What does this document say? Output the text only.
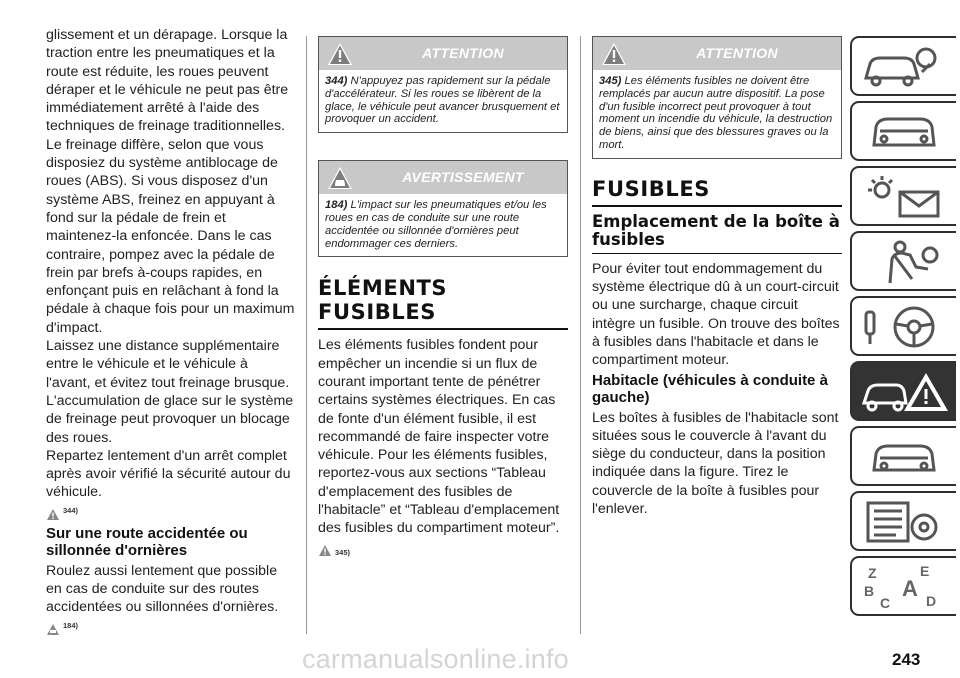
glissement et un dérapage. Lorsque la traction entre les pneumatiques et la route est réduite, les roues peuvent déraper et le véhicule ne peut pas être immédiatement arrêté à l'aide des techniques de freinage traditionnelles. Le freinage diffère, selon que vous disposiez du système antiblocage de roues (ABS). Si vous disposez d'un système ABS, freinez en appuyant à fond sur la pédale de frein et maintenez-la enfoncée. Dans le cas contraire, pompez avec la pédale de frein par brefs à-coups rapides, en enfonçant puis en relâchant à fond la pédale à chaque fois pour un maximum d'impact.

Laissez une distance supplémentaire entre le véhicule et le véhicule à l'avant, et évitez tout freinage brusque.

L'accumulation de glace sur le système de freinage peut provoquer un blocage des roues.

Repartez lentement d'un arrêt complet après avoir vérifié la sécurité autour du véhicule.

344)
Sur une route accidentée ou sillonnée d'ornières

Roulez aussi lentement que possible en cas de conduite sur des routes accidentées ou sillonnées d'ornières.

184)
ATTENTION
344) N'appuyez pas rapidement sur la pédale d'accélérateur. Si les roues se libèrent de la glace, le véhicule peut avancer brusquement et provoquer un accident.
AVERTISSEMENT
184) L'impact sur les pneumatiques et/ou les roues en cas de conduite sur une route accidentée ou sillonnée d'ornières peut endommager ces derniers.
ÉLÉMENTS
FUSIBLES

Les éléments fusibles fondent pour empêcher un incendie si un flux de courant important tente de pénétrer certains systèmes électriques. En cas de fonte d'un élément fusible, il est recommandé de faire inspecter votre véhicule. Pour les éléments fusibles, reportez-vous aux sections “Tableau d'emplacement des fusibles de l'habitacle” et “Tableau d'emplacement des fusibles du compartiment moteur”.

345)
ATTENTION
345) Les éléments fusibles ne doivent être remplacés par aucun autre dispositif. La pose d'un fusible incorrect peut provoquer à tout moment un incendie du véhicule, la destruction de biens, ainsi que des blessures graves ou la mort.
FUSIBLES
Emplacement de la boîte à fusibles

Pour éviter tout endommagement du système électrique dû à un court-circuit ou une surcharge, chaque circuit intègre un fusible. On trouve des boîtes à fusibles dans l'habitacle et dans le compartiment moteur.

Habitacle (véhicules à conduite à gauche)

Les boîtes à fusibles de l'habitacle sont situées sous le couvercle à l'avant du siège du conducteur, dans la position indiquée dans la figure. Tirez le couvercle de la boîte à fusibles pour l'enlever.

Z	E
B A
C	D
carmanualsonline.info	243
